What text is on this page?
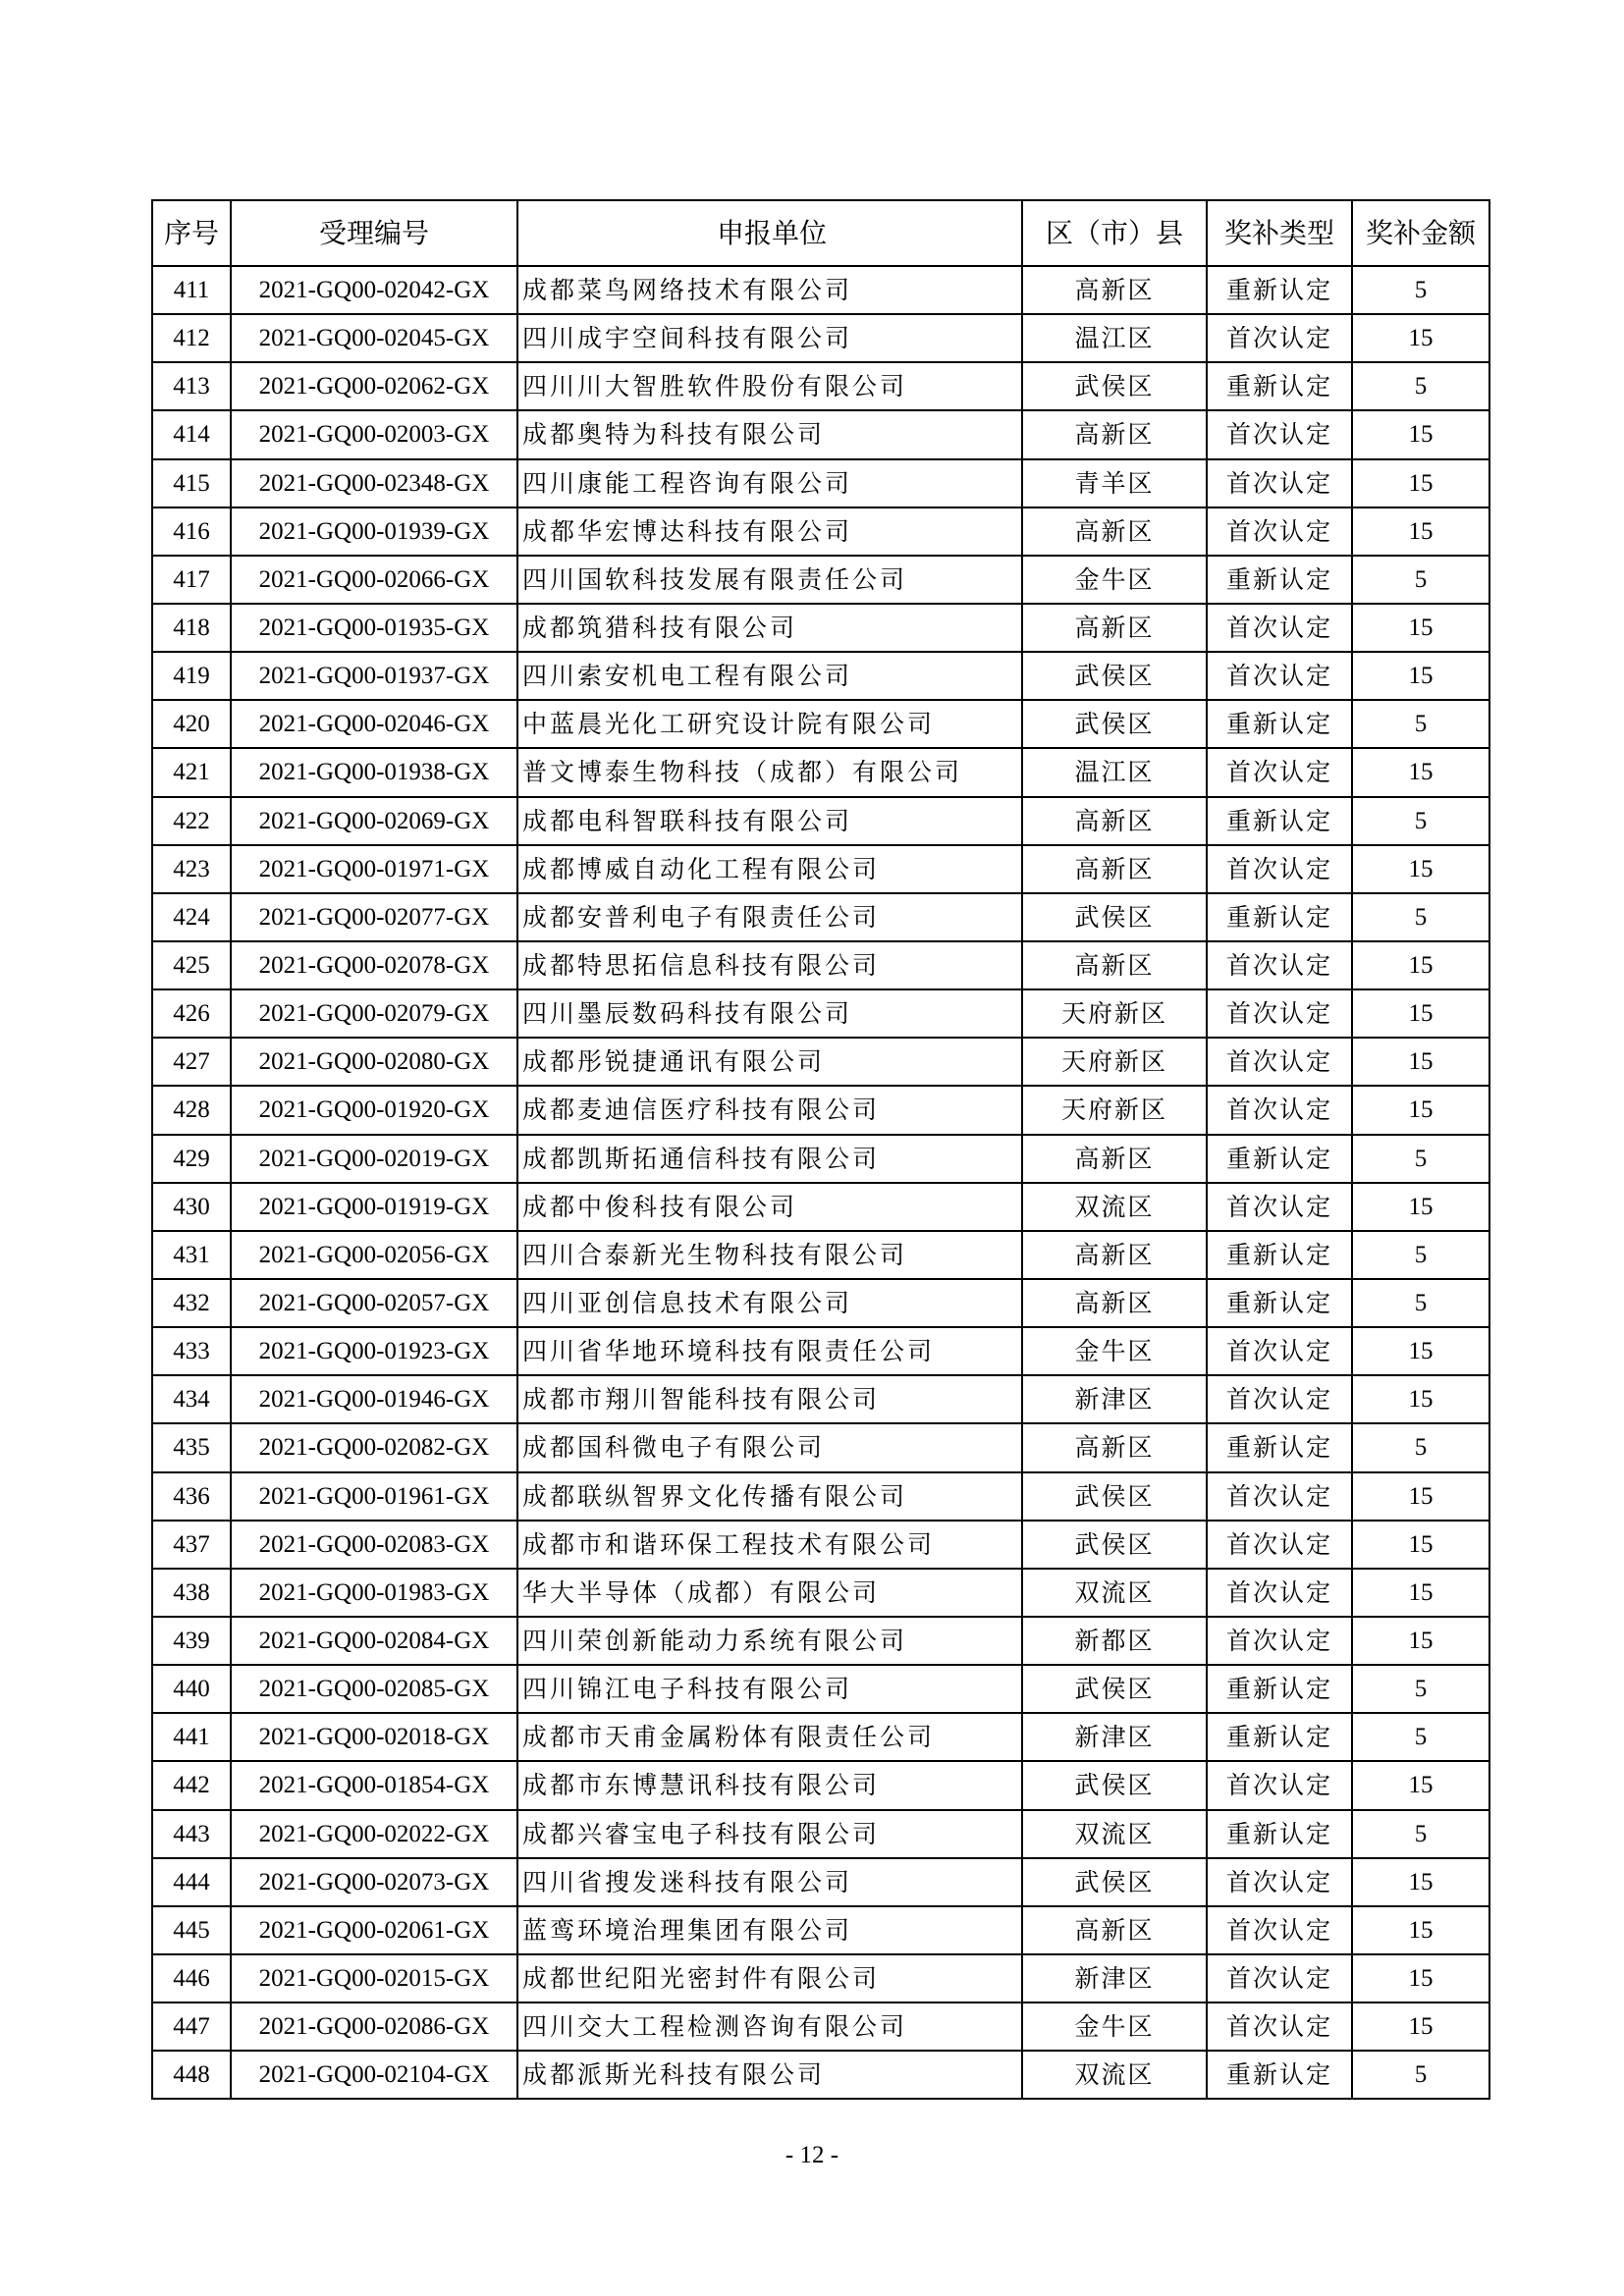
序号	受理编号	申报单位	区（市）县	奖补类型	奖补金额
411	2021-GQ00-02042-GX	成都菜鸟网络技术有限公司	高新区	重新认定	5
412	2021-GQ00-02045-GX	四川成宇空间科技有限公司	温江区	首次认定	15
413	2021-GQ00-02062-GX	四川川大智胜软件股份有限公司	武侯区	重新认定	5
414	2021-GQ00-02003-GX	成都奥特为科技有限公司	高新区	首次认定	15
415	2021-GQ00-02348-GX	四川康能工程咨询有限公司	青羊区	首次认定	15
416	2021-GQ00-01939-GX	成都华宏博达科技有限公司	高新区	首次认定	15
417	2021-GQ00-02066-GX	四川国软科技发展有限责任公司	金牛区	重新认定	5
418	2021-GQ00-01935-GX	成都筑猎科技有限公司	高新区	首次认定	15
419	2021-GQ00-01937-GX	四川索安机电工程有限公司	武侯区	首次认定	15
420	2021-GQ00-02046-GX	中蓝晨光化工研究设计院有限公司	武侯区	重新认定	5
421	2021-GQ00-01938-GX	普文博泰生物科技（成都）有限公司	温江区	首次认定	15
422	2021-GQ00-02069-GX	成都电科智联科技有限公司	高新区	重新认定	5
423	2021-GQ00-01971-GX	成都博威自动化工程有限公司	高新区	首次认定	15
424	2021-GQ00-02077-GX	成都安普利电子有限责任公司	武侯区	重新认定	5
425	2021-GQ00-02078-GX	成都特思拓信息科技有限公司	高新区	首次认定	15
426	2021-GQ00-02079-GX	四川墨辰数码科技有限公司	天府新区	首次认定	15
427	2021-GQ00-02080-GX	成都彤锐捷通讯有限公司	天府新区	首次认定	15
428	2021-GQ00-01920-GX	成都麦迪信医疗科技有限公司	天府新区	首次认定	15
429	2021-GQ00-02019-GX	成都凯斯拓通信科技有限公司	高新区	重新认定	5
430	2021-GQ00-01919-GX	成都中俊科技有限公司	双流区	首次认定	15
431	2021-GQ00-02056-GX	四川合泰新光生物科技有限公司	高新区	重新认定	5
432	2021-GQ00-02057-GX	四川亚创信息技术有限公司	高新区	重新认定	5
433	2021-GQ00-01923-GX	四川省华地环境科技有限责任公司	金牛区	首次认定	15
434	2021-GQ00-01946-GX	成都市翔川智能科技有限公司	新津区	首次认定	15
435	2021-GQ00-02082-GX	成都国科微电子有限公司	高新区	重新认定	5
436	2021-GQ00-01961-GX	成都联纵智界文化传播有限公司	武侯区	首次认定	15
437	2021-GQ00-02083-GX	成都市和谐环保工程技术有限公司	武侯区	首次认定	15
438	2021-GQ00-01983-GX	华大半导体（成都）有限公司	双流区	首次认定	15
439	2021-GQ00-02084-GX	四川荣创新能动力系统有限公司	新都区	首次认定	15
440	2021-GQ00-02085-GX	四川锦江电子科技有限公司	武侯区	重新认定	5
441	2021-GQ00-02018-GX	成都市天甫金属粉体有限责任公司	新津区	重新认定	5
442	2021-GQ00-01854-GX	成都市东博慧讯科技有限公司	武侯区	首次认定	15
443	2021-GQ00-02022-GX	成都兴睿宝电子科技有限公司	双流区	重新认定	5
444	2021-GQ00-02073-GX	四川省搜发迷科技有限公司	武侯区	首次认定	15
445	2021-GQ00-02061-GX	蓝鸾环境治理集团有限公司	高新区	首次认定	15
446	2021-GQ00-02015-GX	成都世纪阳光密封件有限公司	新津区	首次认定	15
447	2021-GQ00-02086-GX	四川交大工程检测咨询有限公司	金牛区	首次认定	15
448	2021-GQ00-02104-GX	成都派斯光科技有限公司	双流区	重新认定	5
- 12 -
